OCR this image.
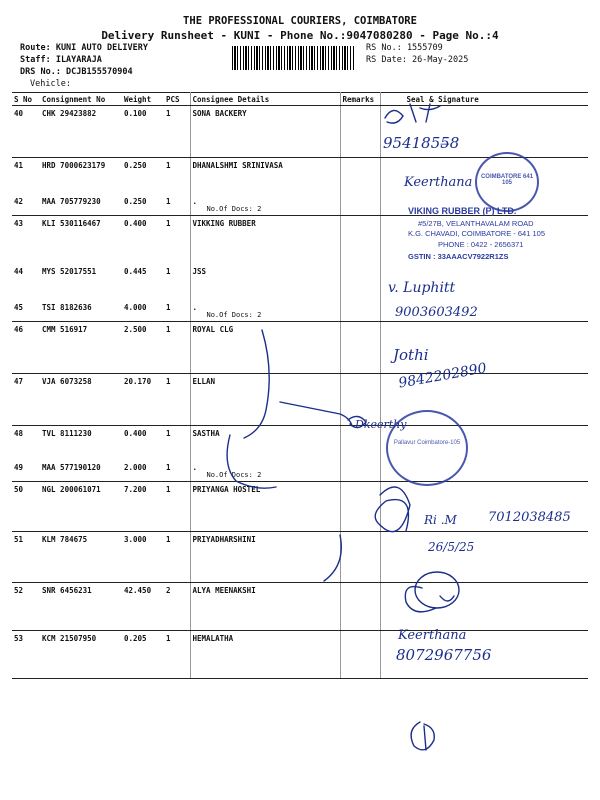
THE PROFESSIONAL COURIERS, COIMBATORE
Delivery Runsheet - KUNI - Phone No.:9047080280 - Page No.:4
Route: KUNI AUTO DELIVERY
Staff: ILAYARAJA
DRS No.: DCJB155570904
Vehicle:
RS No.: 1555709
RS Date: 26-May-2025
S No	Consignment No	Weight	PCS	Consignee Details	Remarks	Seal & Signature
40	CHK 29423882	0.100	1	SONA BACKERY		
41	HRD 7000623179	0.250	1	DHANALSHMI SRINIVASA		
42	MAA 705779230	0.250	1	.
No.Of Docs: 2		

43	KLI 530116467	0.400	1	VIKKING RUBBER		
44	MYS 52017551	0.445	1	JSS		
45	TSI 8182636	4.000	1	.
No.Of Docs: 2		

46	CMM 516917	2.500	1	ROYAL CLG		
47	VJA 6073258	20.170	1	ELLAN		
48	TVL 8111230	0.400	1	SASTHA		
49	MAA 577190120	2.000	1	.
No.Of Docs: 2		

50	NGL 200061071	7.200	1	PRIYANGA HOSTEL		
51	KLM 784675	3.000	1	PRIYADHARSHINI		
52	SNR 6456231	42.450	2	ALYA MEENAKSHI		
53	KCM 21507950	0.205	1	HEMALATHA		
9541855̶8
Keerthana	COIMBATORE 641 105
VIKING RUBBER (P) LTD.
#5/27B, VELANTHAVALAM ROAD
K.G. CHAVADI, COIMBATORE - 641 105
PHONE : 0422 - 2656371
GSTIN : 33AAACV7922R1ZS
v. Luphitt
9003603492
Jothi
9842202890
Dkeerthy
Pallavur Coimbatore-105
Ri .M 7012038485
26/5/25
Keerthana
8072967756
